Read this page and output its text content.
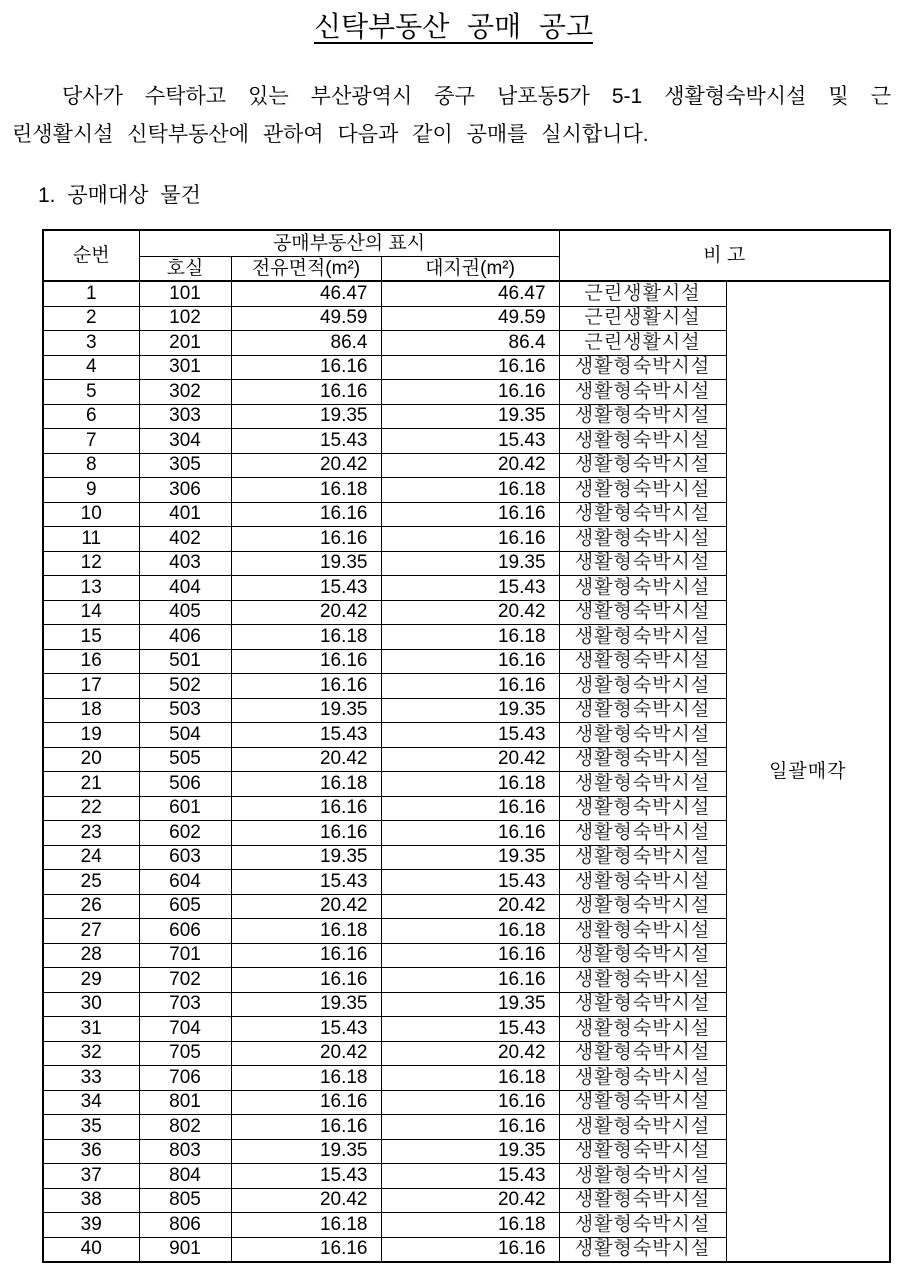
신탁부동산 공매 공고
당사가 수탁하고 있는 부산광역시 중구 남포동5가 5-1 생활형숙박시설 및 근
린생활시설 신탁부동산에 관하여 다음과 같이 공매를 실시합니다.
1. 공매대상 물건
순번	공매부동산의 표시			비 고	
	호실	전유면적(m²)	대지권(m²)		
1	101	46.47	46.47	근린생활시설	일괄매각
2	102	49.59	49.59	근린생활시설	
3	201	86.4	86.4	근린생활시설	
4	301	16.16	16.16	생활형숙박시설	
5	302	16.16	16.16	생활형숙박시설	
6	303	19.35	19.35	생활형숙박시설	
7	304	15.43	15.43	생활형숙박시설	
8	305	20.42	20.42	생활형숙박시설	
9	306	16.18	16.18	생활형숙박시설	
10	401	16.16	16.16	생활형숙박시설	
11	402	16.16	16.16	생활형숙박시설	
12	403	19.35	19.35	생활형숙박시설	
13	404	15.43	15.43	생활형숙박시설	
14	405	20.42	20.42	생활형숙박시설	
15	406	16.18	16.18	생활형숙박시설	
16	501	16.16	16.16	생활형숙박시설	
17	502	16.16	16.16	생활형숙박시설	
18	503	19.35	19.35	생활형숙박시설	
19	504	15.43	15.43	생활형숙박시설	
20	505	20.42	20.42	생활형숙박시설	
21	506	16.18	16.18	생활형숙박시설	
22	601	16.16	16.16	생활형숙박시설	
23	602	16.16	16.16	생활형숙박시설	
24	603	19.35	19.35	생활형숙박시설	
25	604	15.43	15.43	생활형숙박시설	
26	605	20.42	20.42	생활형숙박시설	
27	606	16.18	16.18	생활형숙박시설	
28	701	16.16	16.16	생활형숙박시설	
29	702	16.16	16.16	생활형숙박시설	
30	703	19.35	19.35	생활형숙박시설	
31	704	15.43	15.43	생활형숙박시설	
32	705	20.42	20.42	생활형숙박시설	
33	706	16.18	16.18	생활형숙박시설	
34	801	16.16	16.16	생활형숙박시설	
35	802	16.16	16.16	생활형숙박시설	
36	803	19.35	19.35	생활형숙박시설	
37	804	15.43	15.43	생활형숙박시설	
38	805	20.42	20.42	생활형숙박시설	
39	806	16.18	16.18	생활형숙박시설	
40	901	16.16	16.16	생활형숙박시설	
